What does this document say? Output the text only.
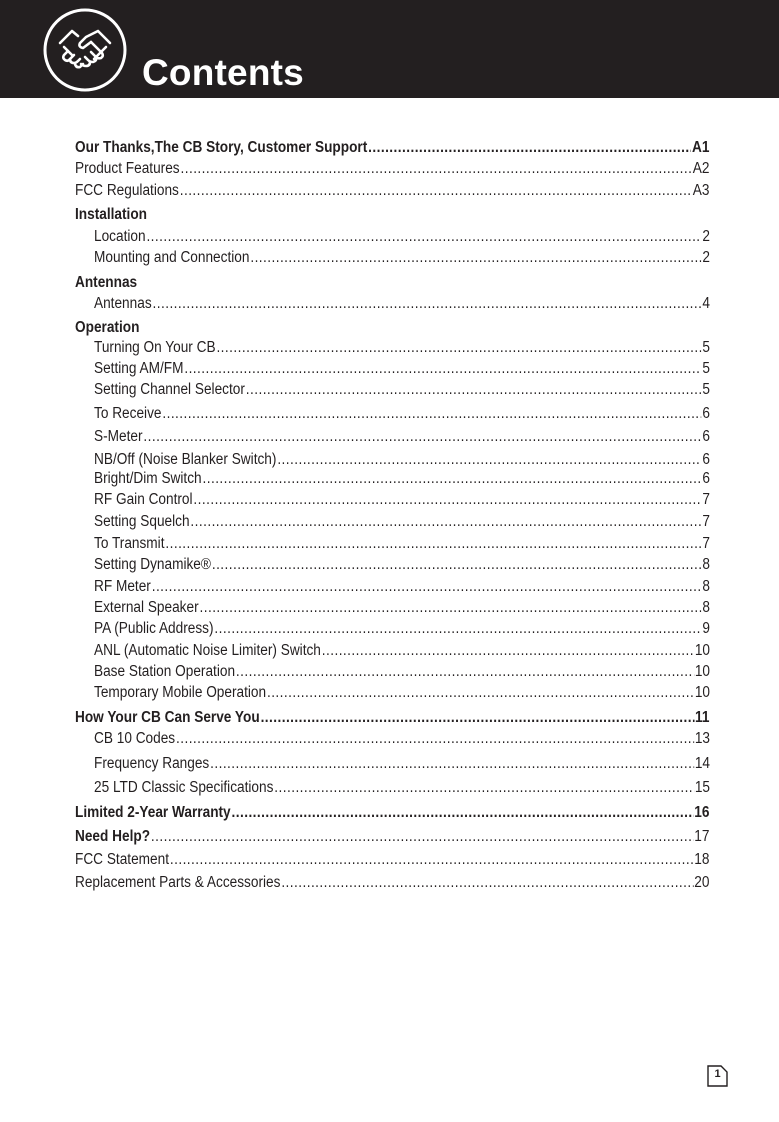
Contents
Our Thanks,The CB Story, Customer Support .....	A1
Product Features .....	A2
FCC Regulations .....	A3
Installation
Location .....	2
Mounting and Connection .....	2
Antennas
Antennas .....	4
Operation
Turning On Your CB .....	5
Setting AM/FM .....	5
Setting Channel Selector .....	5
To Receive .....	6
S-Meter .....	6
NB/Off (Noise Blanker Switch) .....	6
Bright/Dim Switch .....	6
RF Gain Control .....	7
Setting Squelch .....	7
To Transmit .....	7
Setting Dynamike® .....	8
RF Meter .....	8
External Speaker .....	8
PA (Public Address) .....	9
ANL (Automatic Noise Limiter) Switch .....	10
Base Station Operation .....	10
Temporary Mobile Operation .....	10
How Your CB Can Serve You .....	11
CB 10 Codes .....	13
Frequency Ranges .....	14
25 LTD Classic Specifications .....	15
Limited 2-Year Warranty .....	16
Need Help? .....	17
FCC Statement .....	18
Replacement Parts & Accessories .....	20
1
